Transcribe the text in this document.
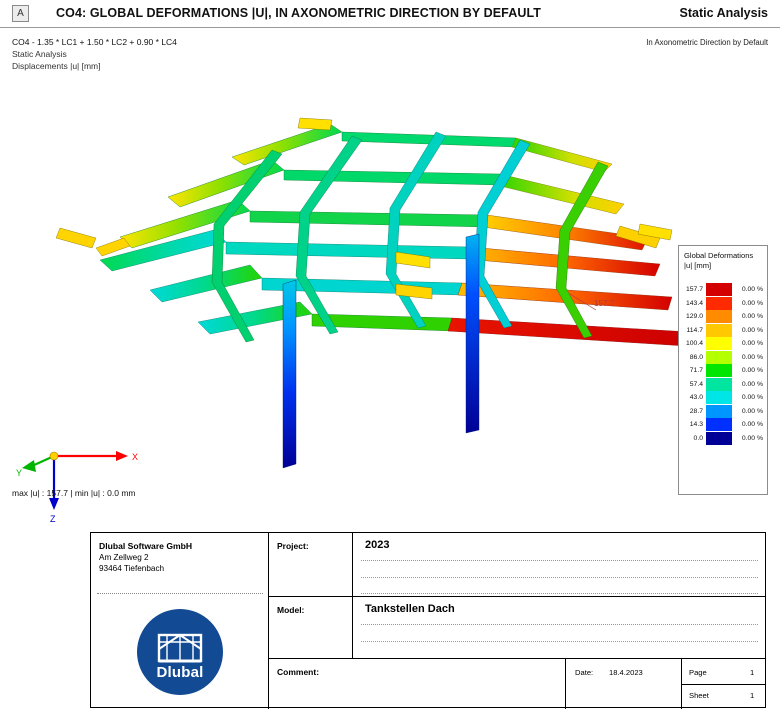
A	CO4: GLOBAL DEFORMATIONS |U|, IN AXONOMETRIC DIRECTION BY DEFAULT	Static Analysis
CO4 - 1.35 * LC1 + 1.50 * LC2 + 0.90 * LC4
Static Analysis
Displacements |u| [mm]
In Axonometric Direction by Default
157.7
X
Y
Z
max |u| : 157.7 | min |u| : 0.0 mm
Global Deformations
|u| [mm]
157.7	0.00 %
143.4	0.00 %
129.0	0.00 %
114.7	0.00 %
100.4	0.00 %
86.0	0.00 %
71.7	0.00 %
57.4	0.00 %
43.0	0.00 %
28.7	0.00 %
14.3	0.00 %
0.0	0.00 %
Dlubal Software GmbH
Am Zellweg 2
93464 Tiefenbach
Dlubal
Project:	2023
Model:	Tankstellen Dach
Comment:	Date: 18.4.2023	Page	1
Sheet	1
